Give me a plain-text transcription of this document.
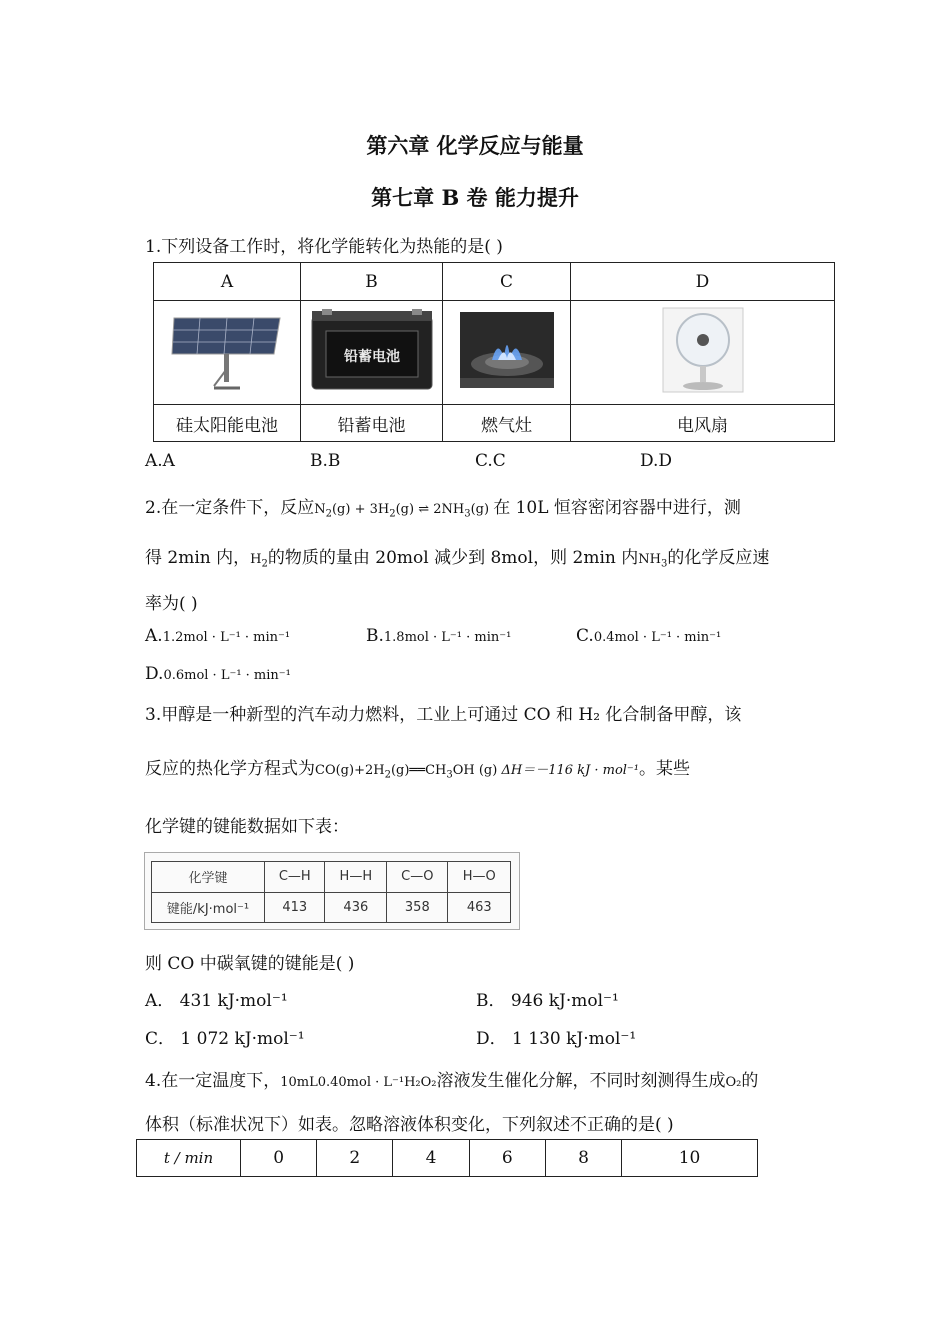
第六章 化学反应与能量
第七章 B 卷 能力提升
1.下列设备工作时，将化学能转化为热能的是( )
A	B	C	D

铅蓄电池

硅太阳能电池	铅蓄电池	燃气灶	电风扇
A.A	B.B	C.C	D.D
2.在一定条件下，反应$N_2(g) + 3H_2(g)$ ⇌ $2NH_3(g)$ 在 10L 恒容密闭容器中进行，测
得 2min 内，$H_2$的物质的量由 20mol 减少到 8mol，则 2min 内$NH_3$的化学反应速
率为( )
A.1.2mol · L⁻¹ · min⁻¹	B.1.8mol · L⁻¹ · min⁻¹	C.0.4mol · L⁻¹ · min⁻¹
D.0.6mol · L⁻¹ · min⁻¹
3.甲醇是一种新型的汽车动力燃料，工业上可通过 CO 和 H₂ 化合制备甲醇，该
反应的热化学方程式为$CO(g)+2H_2(g)══CH_3OH$ (g) ΔH＝－116 kJ · mol⁻¹。某些
化学键的键能数据如下表：
化学键	C—H	H—H	C—O	H—O
键能/kJ·mol⁻¹	413	436	358	463
则 CO 中碳氧键的键能是( )
A． 431 kJ·mol⁻¹	B． 946 kJ·mol⁻¹
C． 1 072 kJ·mol⁻¹	D． 1 130 kJ·mol⁻¹
4.在一定温度下，10mL0.40mol · L⁻¹H₂O₂溶液发生催化分解，不同时刻测得生成O₂的
体积（标准状况下）如表。忽略溶液体积变化，下列叙述不正确的是( )
t / min	0	2	4	6	8	10
